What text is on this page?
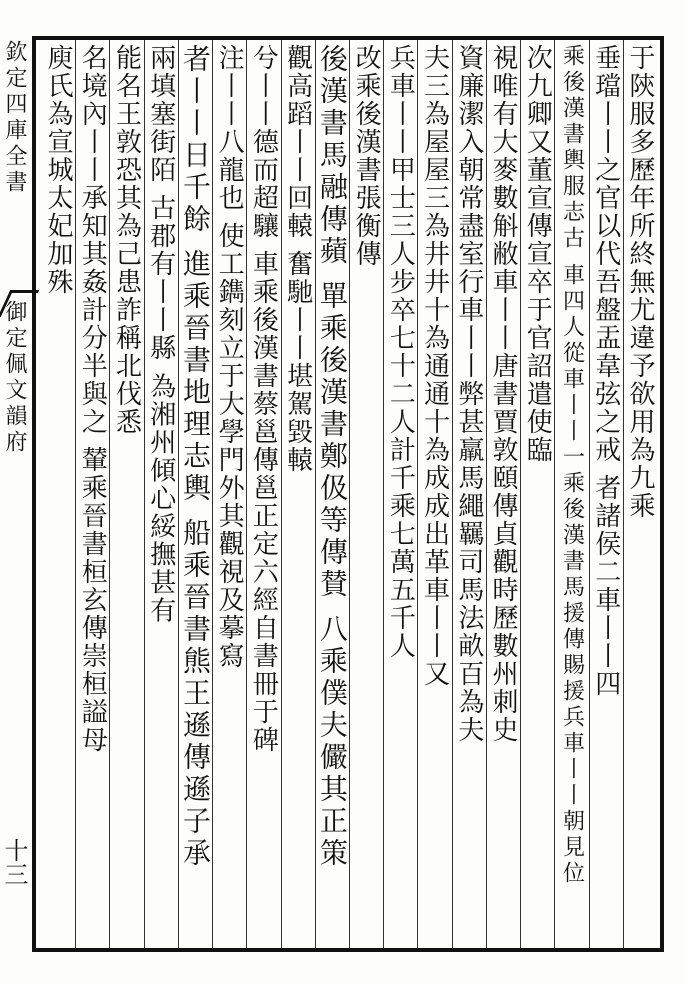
欽定四庫全書
御定佩文韻府
十三
于陝服多歷年所終無尤違予欲用為九乘
垂璫丨丨之官以代吾盤盂韋弦之戒 者諸侯二車丨丨四
乘後漢書輿服志古 車四人從車丨丨一乘後漢書馬援傳賜援兵車丨丨朝見位
次九卿又董宣傳宣卒于官詔遣使臨
視唯有大麥數斛敝車丨丨唐書賈敦頤傳貞觀時歷數州刺史
資廉潔入朝常盡室行車丨丨弊甚羸馬繩羈司馬法畝百為夫
夫三為屋屋三為井井十為通通十為成成出革車丨丨又
兵車丨丨甲士三人步卒七十二人計千乘七萬五千人
改乘後漢書張衡傳
後漢書馬融傳蘋 單乘後漢書鄭伋等傳賛 八乘僕夫儼其正策
觀高蹈丨丨回轅 奮馳丨丨堪駕毀轅
兮丨丨德而超驤 車乘後漢書蔡邕傳邕正定六經自書冊于碑
注丨丨八龍也 使工鐫刻立于大學門外其觀視及摹寫
者丨丨日千餘 進乘晉書地理志輿 船乘晉書熊王遜傳遜子承
兩填塞街陌 古郡有丨丨縣 為湘州傾心綏撫甚有
能名王敦恐其為己患詐稱北伐悉
名境內丨丨承知其姦計分半與之 輦乘晉書桓玄傳崇桓謚母
庾氏為宣城太妃加殊
